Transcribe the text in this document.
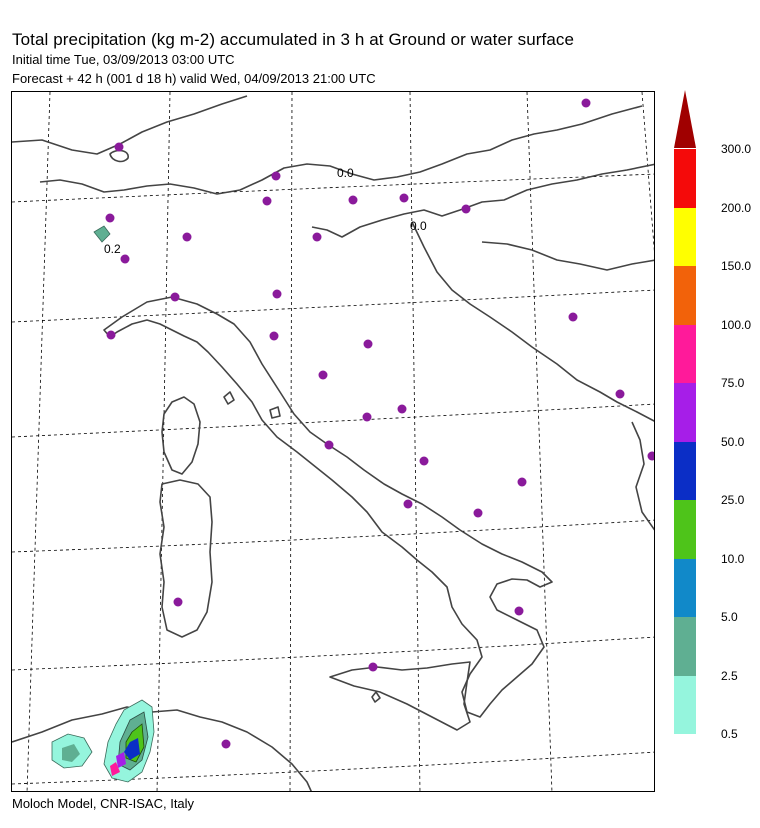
Total precipitation (kg m-2) accumulated in 3 h at Ground or water surface
Initial time Tue, 03/09/2013 03:00 UTC
Forecast + 42 h (001 d 18 h) valid Wed, 04/09/2013 21:00 UTC
0.0
0.0
0.2
Moloch Model, CNR-ISAC, Italy
0.5
2.5
5.0
10.0
25.0
50.0
75.0
100.0
150.0
200.0
300.0
